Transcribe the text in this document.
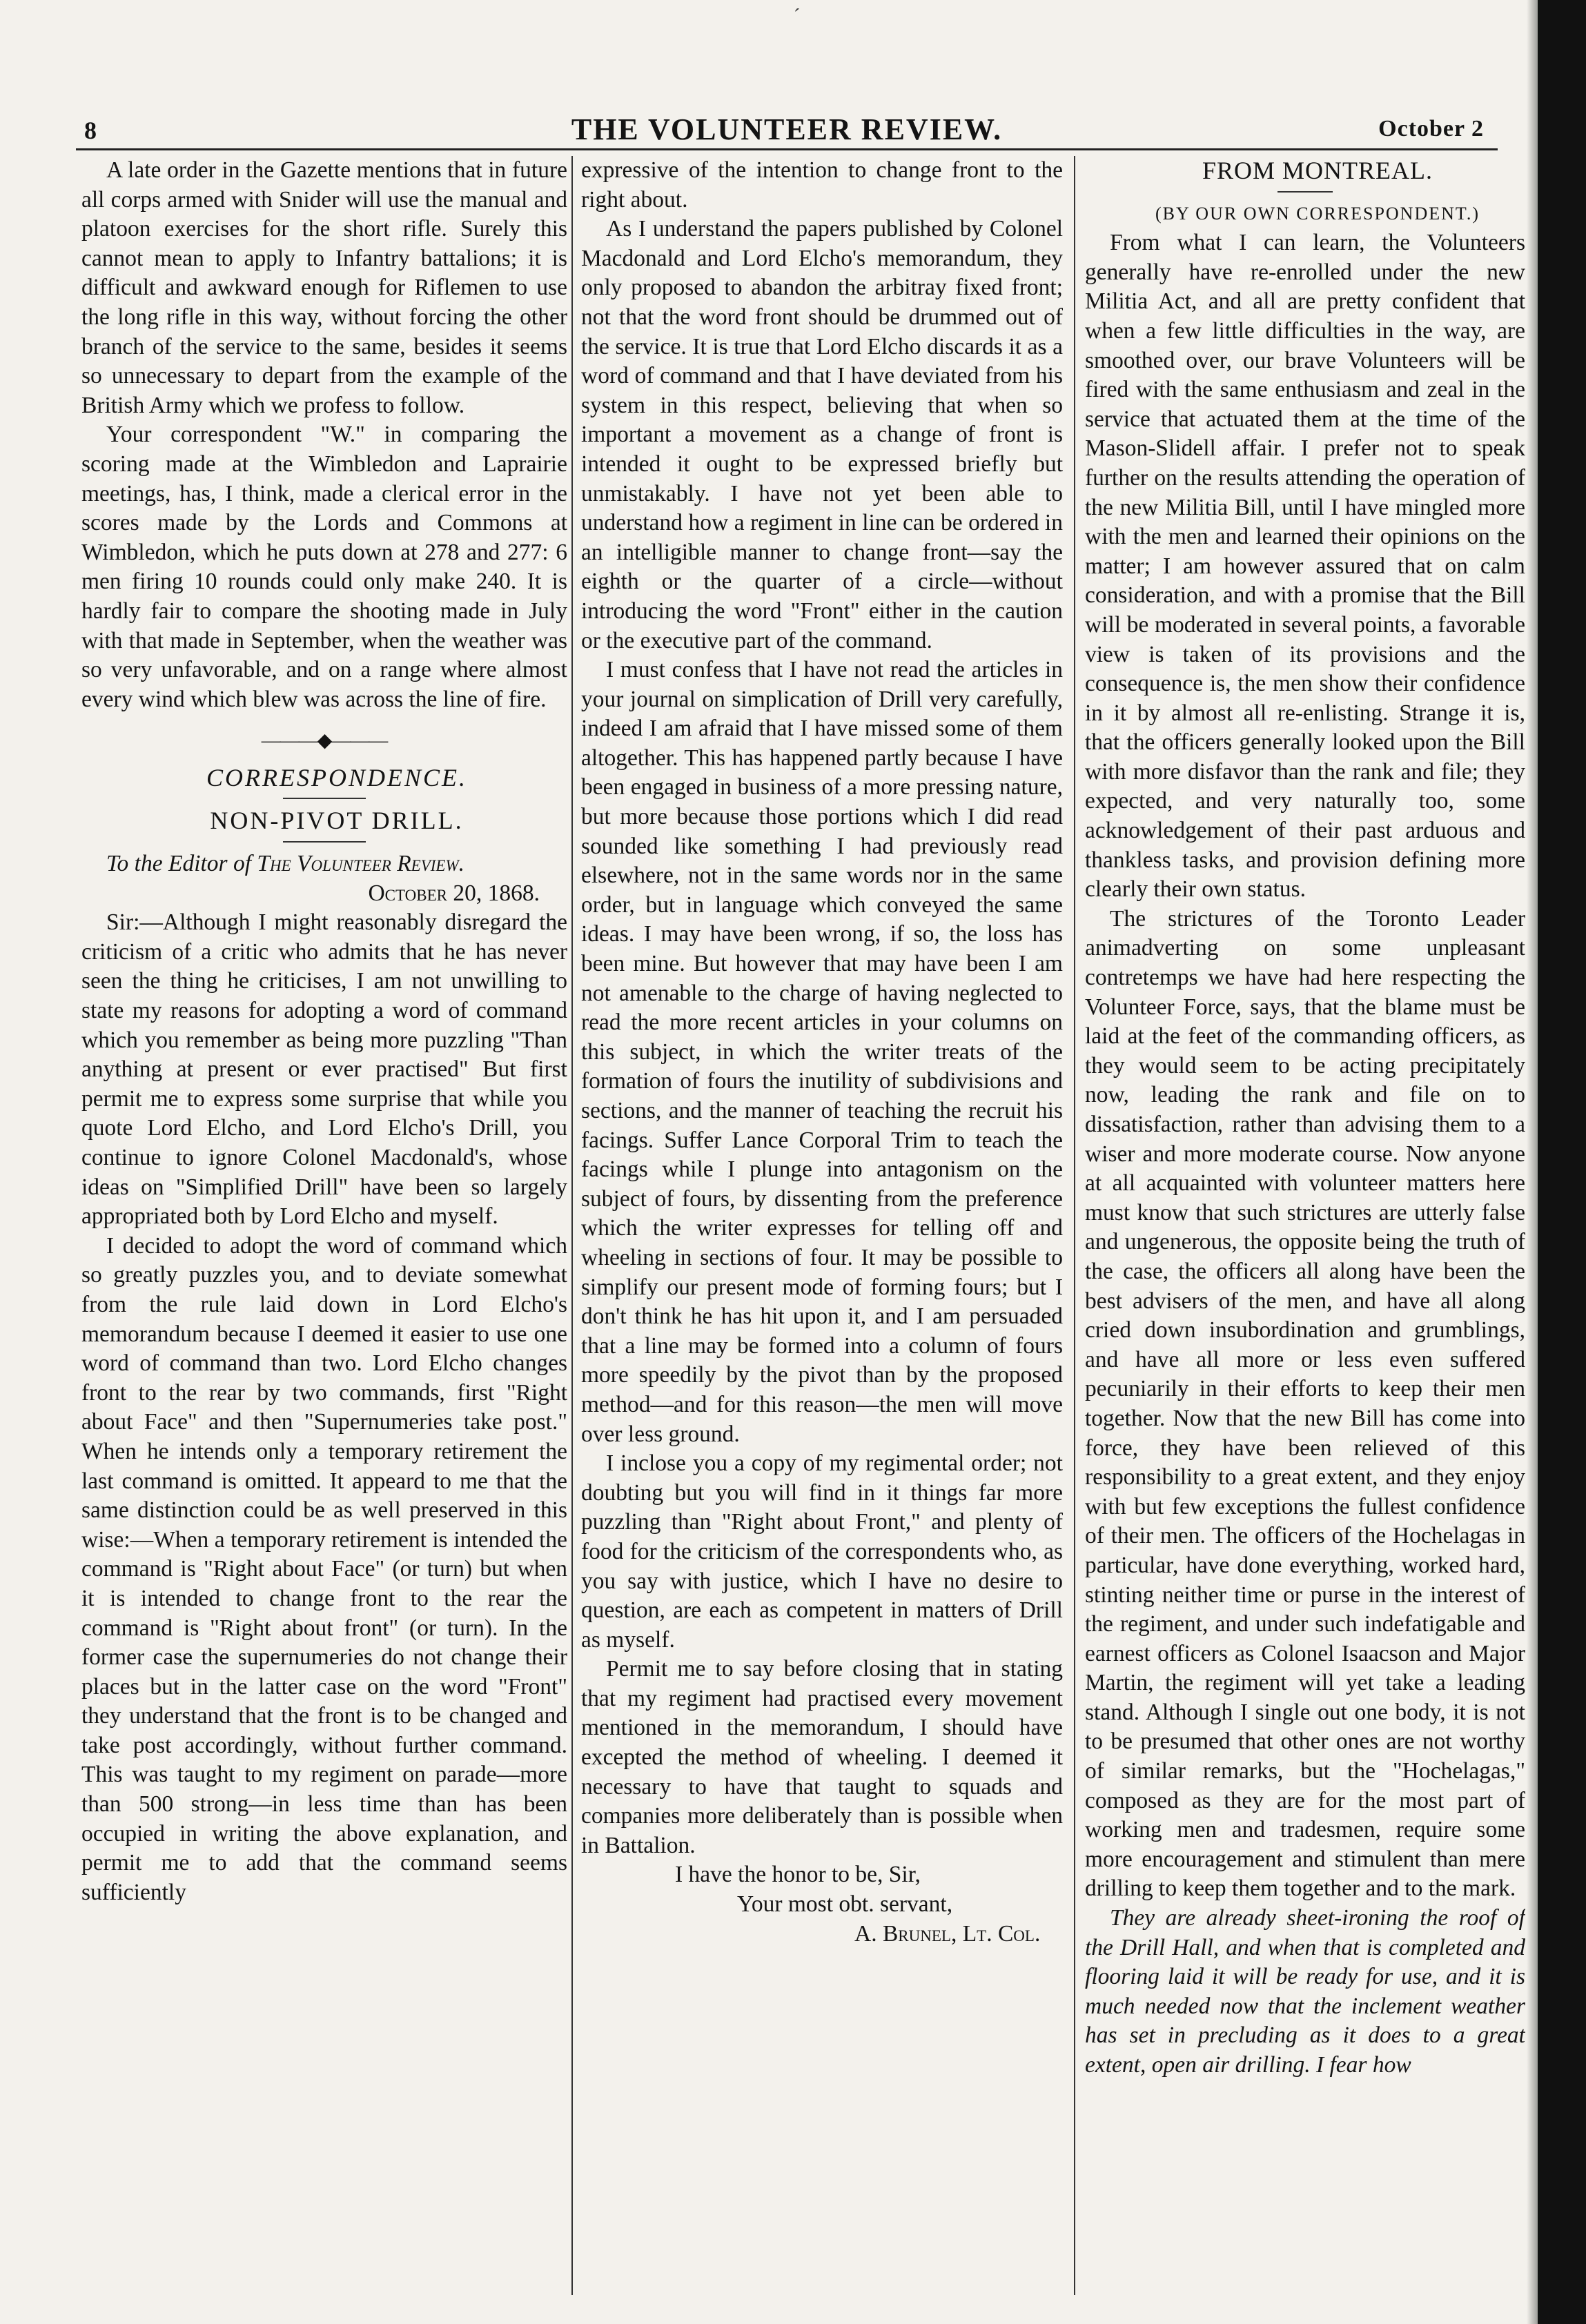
ˊ
8	THE VOLUNTEER REVIEW.	October 2

A late order in the Gazette mentions that in future all corps armed with Snider will use the manual and platoon exercises for the short rifle. Surely this cannot mean to apply to Infantry battalions; it is difficult and awkward enough for Riflemen to use the long rifle in this way, without forcing the other branch of the service to the same, besides it seems so unnecessary to depart from the example of the British Army which we profess to follow.

Your correspondent "W." in comparing the scoring made at the Wimbledon and Laprairie meetings, has, I think, made a clerical error in the scores made by the Lords and Commons at Wimbledon, which he puts down at 278 and 277: 6 men firing 10 rounds could only make 240. It is hardly fair to compare the shooting made in July with that made in September, when the weather was so very unfavorable, and on a range where almost every wind which blew was across the line of fire.

———◆———

CORRESPONDENCE.

NON-PIVOT DRILL.

To the Editor of The Volunteer Review.

October 20, 1868.

Sir:—Although I might reasonably disregard the criticism of a critic who admits that he has never seen the thing he criticises, I am not unwilling to state my reasons for adopting a word of command which you remember as being more puzzling "Than anything at present or ever practised" But first permit me to express some surprise that while you quote Lord Elcho, and Lord Elcho's Drill, you continue to ignore Colonel Macdonald's, whose ideas on "Simplified Drill" have been so largely appropriated both by Lord Elcho and myself.

I decided to adopt the word of command which so greatly puzzles you, and to deviate somewhat from the rule laid down in Lord Elcho's memorandum because I deemed it easier to use one word of command than two. Lord Elcho changes front to the rear by two commands, first "Right about Face" and then "Supernumeries take post." When he intends only a temporary retirement the last command is omitted. It appeard to me that the same distinction could be as well preserved in this wise:—When a temporary retirement is intended the command is "Right about Face" (or turn) but when it is intended to change front to the rear the command is "Right about front" (or turn). In the former case the supernumeries do not change their places but in the latter case on the word "Front" they understand that the front is to be changed and take post accordingly, without further command. This was taught to my regiment on parade—more than 500 strong—in less time than has been occupied in writing the above explanation, and permit me to add that the command seems sufficiently

expressive of the intention to change front to the right about.

As I understand the papers published by Colonel Macdonald and Lord Elcho's memorandum, they only proposed to abandon the arbitray fixed front; not that the word front should be drummed out of the service. It is true that Lord Elcho discards it as a word of command and that I have deviated from his system in this respect, believing that when so important a movement as a change of front is intended it ought to be expressed briefly but unmistakably. I have not yet been able to understand how a regiment in line can be ordered in an intelligible manner to change front—say the eighth or the quarter of a circle—without introducing the word "Front" either in the caution or the executive part of the command.

I must confess that I have not read the articles in your journal on simplication of Drill very carefully, indeed I am afraid that I have missed some of them altogether. This has happened partly because I have been engaged in business of a more pressing nature, but more because those portions which I did read sounded like something I had previously read elsewhere, not in the same words nor in the same order, but in language which conveyed the same ideas. I may have been wrong, if so, the loss has been mine. But however that may have been I am not amenable to the charge of having neglected to read the more recent articles in your columns on this subject, in which the writer treats of the formation of fours the inutility of subdivisions and sections, and the manner of teaching the recruit his facings. Suffer Lance Corporal Trim to teach the facings while I plunge into antagonism on the subject of fours, by dissenting from the preference which the writer expresses for telling off and wheeling in sections of four. It may be possible to simplify our present mode of forming fours; but I don't think he has hit upon it, and I am persuaded that a line may be formed into a column of fours more speedily by the pivot than by the proposed method—and for this reason—the men will move over less ground.

I inclose you a copy of my regimental order; not doubting but you will find in it things far more puzzling than "Right about Front," and plenty of food for the criticism of the correspondents who, as you say with justice, which I have no desire to question, are each as competent in matters of Drill as myself.

Permit me to say before closing that in stating that my regiment had practised every movement mentioned in the memorandum, I should have excepted the method of wheeling. I deemed it necessary to have that taught to squads and companies more deliberately than is possible when in Battalion.

I have the honor to be, Sir,

Your most obt. servant,

A. Brunel, Lt. Col.

FROM MONTREAL.

(BY OUR OWN CORRESPONDENT.)

From what I can learn, the Volunteers generally have re-enrolled under the new Militia Act, and all are pretty confident that when a few little difficulties in the way, are smoothed over, our brave Volunteers will be fired with the same enthusiasm and zeal in the service that actuated them at the time of the Mason-Slidell affair. I prefer not to speak further on the results attending the operation of the new Militia Bill, until I have mingled more with the men and learned their opinions on the matter; I am however assured that on calm consideration, and with a promise that the Bill will be moderated in several points, a favorable view is taken of its provisions and the consequence is, the men show their confidence in it by almost all re-enlisting. Strange it is, that the officers generally looked upon the Bill with more disfavor than the rank and file; they expected, and very naturally too, some acknowledgement of their past arduous and thankless tasks, and provision defining more clearly their own status.

The strictures of the Toronto Leader animadverting on some unpleasant contretemps we have had here respecting the Volunteer Force, says, that the blame must be laid at the feet of the commanding officers, as they would seem to be acting precipitately now, leading the rank and file on to dissatisfaction, rather than advising them to a wiser and more moderate course. Now anyone at all acquainted with volunteer matters here must know that such strictures are utterly false and ungenerous, the opposite being the truth of the case, the officers all along have been the best advisers of the men, and have all along cried down insubordination and grumblings, and have all more or less even suffered pecuniarily in their efforts to keep their men together. Now that the new Bill has come into force, they have been relieved of this responsibility to a great extent, and they enjoy with but few exceptions the fullest confidence of their men. The officers of the Hochelagas in particular, have done everything, worked hard, stinting neither time or purse in the interest of the regiment, and under such indefatigable and earnest officers as Colonel Isaacson and Major Martin, the regiment will yet take a leading stand. Although I single out one body, it is not to be presumed that other ones are not worthy of similar remarks, but the "Hochelagas," composed as they are for the most part of working men and tradesmen, require some more encouragement and stimulent than mere drilling to keep them together and to the mark.

They are already sheet-ironing the roof of the Drill Hall, and when that is completed and flooring laid it will be ready for use, and it is much needed now that the inclement weather has set in precluding as it does to a great extent, open air drilling. I fear how
